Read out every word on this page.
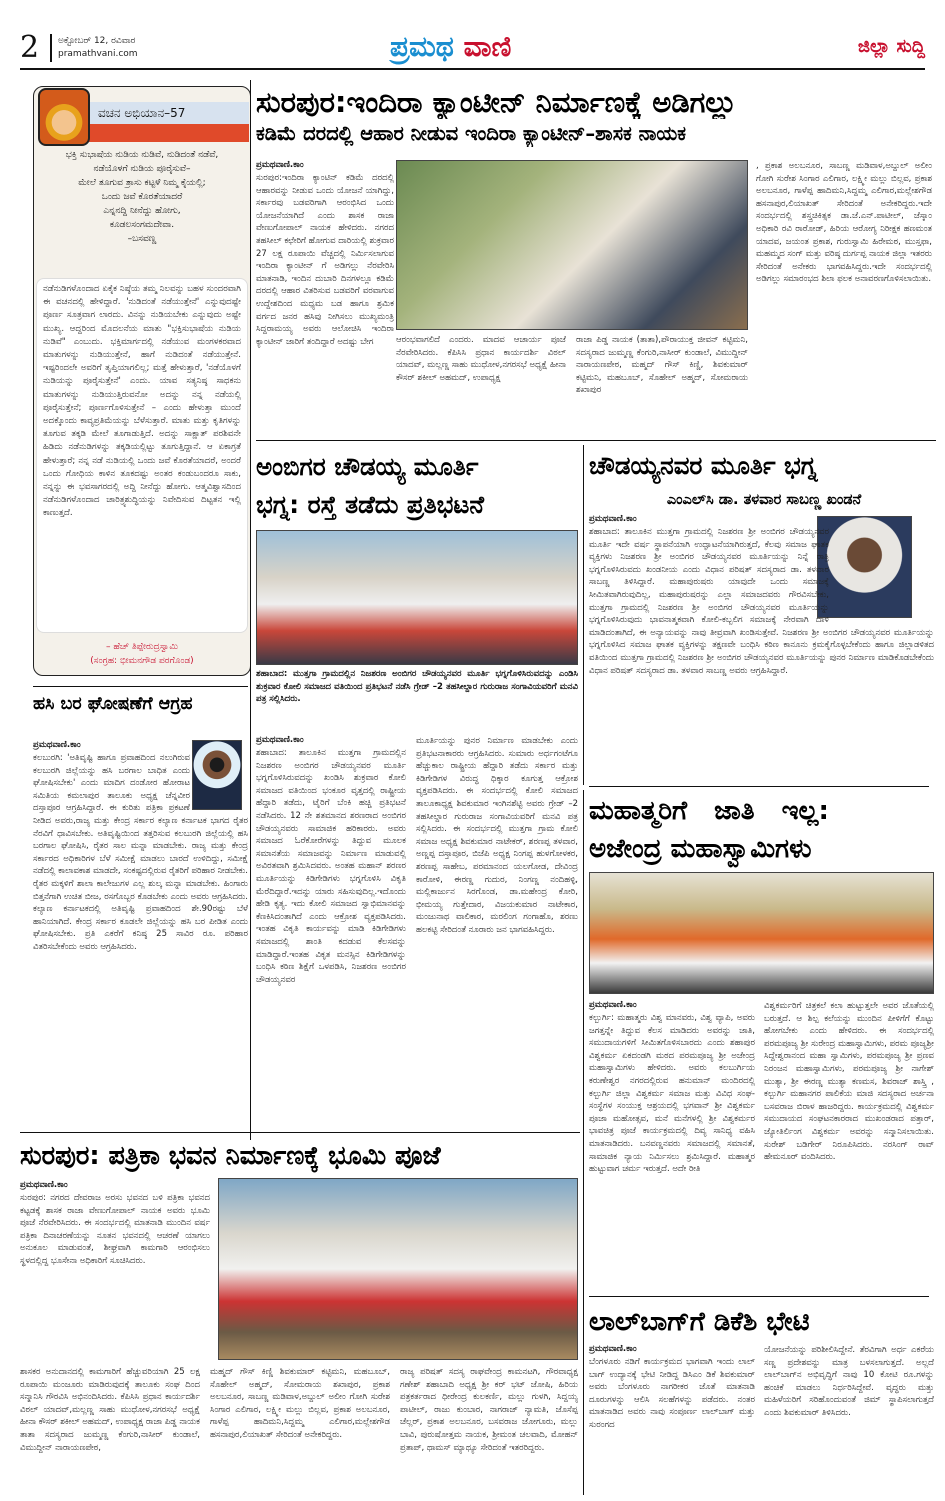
2 ಅಕ್ಟೋಬರ್ 12, ರವಿವಾರ
pramathvani.com	ಪ್ರಮಥ ವಾಣಿ	ಜಿಲ್ಲಾ ಸುದ್ದಿ
ವಚನ ಅಭಿಯಾನ–57
ಭಕ್ತಿ ಸುಭಾಷೆಯ ನುಡಿಯ ನುಡಿವೆ, ನುಡಿದಂತೆ ನಡೆವೆ,
ನಡೆಯೊಳಗೆ ನುಡಿಯ ಪೂರೈಸುವೆ–
ಮೇಲೆ ತೂಗುವ ತ್ರಾಸು ಕಟ್ಟಳೆ ನಿಮ್ಮ ಕೈಯಲ್ಲಿ;
ಒಂದು ಜವೆ ಕೊರತೆಯಾದರೆ
ಎನ್ನನದ್ದಿ ನೀನೆದ್ದು ಹೋಗು,
ಕೂಡಲಸಂಗಮದೇವಾ.
–ಬಸವಣ್ಣ
ನಡೆನುಡಿಗಳೊಂದಾದ ಏಕೈಕ ನಿಷ್ಠೆಯ ತಮ್ಮ ನಿಲವನ್ನು ಬಹಳ ಸುಂದರವಾಗಿ ಈ ವಚನದಲ್ಲಿ ಹೇಳಿದ್ದಾರೆ. 'ನುಡಿದಂತೆ ನಡೆಯುತ್ತೇನೆ' ಎನ್ನುವುದಷ್ಟೇ ಪೂರ್ಣ ಸೂತ್ರವಾಗ ಲಾರದು. ವಿನನ್ನು ನುಡಿಯಬೇಕು ಎನ್ನುವುದು ಅಷ್ಟೇ ಮುಖ್ಯ. ಆದ್ದರಿಂದ ಮೊದಲನೆಯ ಮಾತು "ಭಕ್ತಿಸುಭಾಷೆಯ ನುಡಿಯ ನುಡಿವೆ" ಎಂಬುದು. ಭಕ್ತಿಮಾರ್ಗದಲ್ಲಿ ನಡೆಯುವ ಮಂಗಳಕರವಾದ ಮಾತುಗಳನ್ನು ನುಡಿಯುತ್ತೇನೆ, ಹಾಗೆ ನುಡಿದಂತೆ ನಡೆಯುತ್ತೇನೆ. ಇಷ್ಟರಿಂದಲೇ ಅವರಿಗೆ ತೃಪ್ತಿಯಾಗಲಿಲ್ಲ; ಮತ್ತೆ ಹೇಳುತ್ತಾರೆ, 'ನಡೆಯೊಳಗೆ ನುಡಿಯನ್ನು ಪೂರೈಸುತ್ತೇನೆ' ಎಂದು. ಯಾವ ಸತ್ಯನಿಷ್ಠ ಸಾಧಕನು ಮಾತುಗಳನ್ನು ನುಡಿಯುತ್ತಿರುವನೋ ಅದನ್ನು ನನ್ನ ನಡೆಯಲ್ಲಿ ಪೂರೈಸುತ್ತೇನೆ; ಪೂರ್ಣಗೊಳಿಸುತ್ತೇನೆ – ಎಂದು ಹೇಳುತ್ತಾ ಮುಂದೆ ಅದಕ್ಕೊಂದು ಕಾವ್ಯಪ್ರತಿಮೆಯನ್ನು ಬೆಳೆಸುತ್ತಾರೆ. ಮಾತು ಮತ್ತು ಕೃತಿಗಳನ್ನು ತೂಗುವ ತಕ್ಕಡಿ ಮೇಲೆ ತೂಗಾಡುತ್ತಿದೆ. ಅದನ್ನು ಸಾಕ್ಷಾತ್ ಪರಶಿವನೇ ಹಿಡಿದು ನಡೆನುಡಿಗಳನ್ನು ತಕ್ಕಡಿಯಲ್ಲಿಟ್ಟು ತೂಗುತ್ತಿದ್ದಾನೆ. ಆ ಏಕಾಗ್ರತೆ ಹೇಳುತ್ತಾರೆ; ನನ್ನ ನಡೆ ನುಡಿಯಲ್ಲಿ ಒಂದು ಜವೆ ಕೊರತೆಯಾದರೆ, ಅಂದರೆ ಒಂದು ಗೋಧಿಯ ಕಾಳಿನ ತೂಕದಷ್ಟು ಅಂತರ ಕಂಡುಬಂದರೂ ಸಾಕು, ನನ್ನನ್ನು ಈ ಭವಸಾಗರದಲ್ಲಿ ಅದ್ದಿ ನೀನೆದ್ದು ಹೋಗು. ಆತ್ಮವಿಶ್ವಾಸದಿಂದ ನಡೆನುಡಿಗಳೊಂದಾದ ಚಾರಿತ್ರ್ಯಶುದ್ಧಿಯನ್ನು ನಿವೇದಿಸುವ ದಿಟ್ಟತನ ಇಲ್ಲಿ ಕಾಣುತ್ತದೆ.
– ಹೆಚ್ ತಿಪ್ಪೇರುದ್ರಸ್ವಾಮಿ
(ಸಂಗ್ರಹ: ಭೀಮನಗೌಡ ಪರಗೊಂಡ)
ಹಸಿ ಬರ ಘೋಷಣೆಗೆ ಆಗ್ರಹ
ಪ್ರಮಥವಾಣಿ.ಕಾಂ
ಕಲಬುರಗಿ: 'ಅತಿವೃಷ್ಟಿ ಹಾಗೂ ಪ್ರವಾಹದಿಂದ ನಲುಗಿರುವ ಕಲಬುರಗಿ ಜಿಲ್ಲೆಯನ್ನು ಹಸಿ ಬರಗಾಲ ಬಾಧಿತ ಎಂದು ಘೋಷಿಸಬೇಕು' ಎಂದು ಮಾದಿಗ ದಂಡೋರ ಹೋರಾಟ ಸಮಿತಿಯ ಕಮಲಾಪುರ ತಾಲೂಕು ಅಧ್ಯಕ್ಷ ಚೆನ್ನವೀರ ದಸ್ತಾಪೂರ ಆಗ್ರಹಿಸಿದ್ದಾರೆ. ಈ ಕುರಿತು ಪತ್ರಿಕಾ ಪ್ರಕಟಣೆ ನೀಡಿದ ಅವರು,ರಾಜ್ಯ ಮತ್ತು ಕೇಂದ್ರ ಸರ್ಕಾರ ಕಲ್ಯಾಣ ಕರ್ನಾಟಕ ಭಾಗದ ರೈತರ ನೆರವಿಗೆ ಧಾವಿಸಬೇಕು. ಅತಿವೃಷ್ಟಿಯಿಂದ ತತ್ತರಿಸುವ ಕಲಬುರಗಿ ಜಿಲ್ಲೆಯಲ್ಲಿ ಹಸಿ ಬರಗಾಲ ಘೋಷಿಸಿ, ರೈತರ ಸಾಲ ಮನ್ನಾ ಮಾಡಬೇಕು. ರಾಜ್ಯ ಮತ್ತು ಕೇಂದ್ರ ಸರ್ಕಾರದ ಅಧಿಕಾರಿಗಳ ಬೆಳೆ ಸಮೀಕ್ಷೆ ಮಾಡಲು ಬಾರದೆ ಉಳಿದಿದ್ದು, ಸಮೀಕ್ಷೆ ನಡೆದಲ್ಲಿ ಕಾಲಾವಕಾಶ ಮಾಡದೇ, ಸಂಕಷ್ಟದಲ್ಲಿರುವ ರೈತರಿಗೆ ಪರಿಹಾರ ನೀಡಬೇಕು. ರೈತರ ಮಕ್ಕಳಿಗೆ ಶಾಲಾ ಕಾಲೇಜುಗಳ ಎಲ್ಲ ಶುಲ್ಕ ಮನ್ನಾ ಮಾಡಬೇಕು. ಹಿಂಗಾರು ಬಿತ್ತನೆಗಾಗಿ ಉಚಿತ ಬೀಜ, ರಸಗೊಬ್ಬರ ಕೊಡಬೇಕು ಎಂದು ಅವರು ಆಗ್ರಹಿಸಿದರು. ಕಲ್ಯಾಣ ಕರ್ನಾಟಕದಲ್ಲಿ ಅತಿವೃಷ್ಟಿ ಪ್ರವಾಹದಿಂದ ಶೇ.90ರಷ್ಟು ಬೆಳೆ ಹಾನಿಯಾಗಿದೆ. ಕೇಂದ್ರ ಸರ್ಕಾರ ಕೂಡಲೇ ಜಿಲ್ಲೆಯನ್ನು ಹಸಿ ಬರ ಪೀಡಿತ ಎಂದು ಘೋಷಿಸಬೇಕು. ಪ್ರತಿ ಎಕರೆಗೆ ಕನಿಷ್ಠ 25 ಸಾವಿರ ರೂ. ಪರಿಹಾರ ವಿತರಿಸಬೇಕೆಂದು ಅವರು ಆಗ್ರಹಿಸಿದರು.
ಸುರಪುರ:ಇಂದಿರಾ ಕ್ಯಾಂಟೀನ್ ನಿರ್ಮಾಣಕ್ಕೆ ಅಡಿಗಲ್ಲು
ಕಡಿಮೆ ದರದಲ್ಲಿ ಆಹಾರ ನೀಡುವ ಇಂದಿರಾ ಕ್ಯಾಂಟೀನ್–ಶಾಸಕ ನಾಯಕ
ಪ್ರಮಥವಾಣಿ.ಕಾಂ
ಸುರಪುರ:ಇಂದಿರಾ ಕ್ಯಾಂಟಿನ್ ಕಡಿಮೆ ದರದಲ್ಲಿ ಆಹಾರವನ್ನು ನೀಡುವ ಒಂದು ಯೋಜನೆ ಯಾಗಿದ್ದು, ಸರ್ಕಾರವು ಬಡವರಿಗಾಗಿ ಆರಂಭಿಸಿದ ಒಂದು ಯೋಜನೆಯಾಗಿದೆ ಎಂದು ಶಾಸಕ ರಾಜಾ ವೇಣುಗೋಪಾಲ್ ನಾಯಕ ಹೇಳಿದರು. ನಗರದ ತಹಸೀಲ್ ಕಛೇರಿಗೆ ಹೋಗುವ ದಾರಿಯಲ್ಲಿ ಶುಕ್ರವಾರ 27 ಲಕ್ಷ ರೂಪಾಯಿ ವೆಚ್ಚದಲ್ಲಿ ನಿರ್ಮಿಸಲಾಗುವ ಇಂದಿರಾ ಕ್ಯಾಂಟೀನ್ ಗೆ ಅಡಿಗಲ್ಲು ನೆರವೇರಿಸಿ ಮಾತನಾಡಿ, ಇಂದಿನ ದುಬಾರಿ ದಿನಗಳಲ್ಲೂ ಕಡಿಮೆ ದರದಲ್ಲಿ ಆಹಾರ ವಿತರಿಸುವ ಬಡವರಿಗೆ ವರವಾಗುವ ಉದ್ದೇಶದಿಂದ ಮಧ್ಯಮ ಬಡ ಹಾಗೂ ಶ್ರಮಿಕ ವರ್ಗದ ಜನರ ಹಸಿವು ನೀಗಿಸಲು ಮುಖ್ಯಮಂತ್ರಿ ಸಿದ್ದರಾಮಯ್ಯ ಅವರು ಆಲೋಚಿಸಿ ಇಂದಿರಾ ಕ್ಯಾಂಟೀನ್ ಜಾರಿಗೆ ತಂದಿದ್ದಾರೆ ಅದಷ್ಟು ಬೇಗ	ಆರಂಭವಾಗಲಿದೆ ಎಂದರು. ಮಾದವ ಆಚಾರ್ಯ ಪೂಜೆ ನೆರವೇರಿಸಿದರು. ಕೆಪಿಸಿಸಿ ಪ್ರಧಾನ ಕಾರ್ಯದರ್ಶಿ ವಿಠಲ್ ಯಾದವ್, ಮಲ್ಲಣ್ಣ ಸಾಹು ಮುಧೋಳ,ನಗರಸಭೆ ಅಧ್ಯಕ್ಷೆ ಹೀನಾ ಕೌಸರ್ ಶಕೀಲ್ ಅಹಮದ್, ಉಪಾಧ್ಯಕ್ಷ
ರಾಜಾ ಪಿಡ್ಡ ನಾಯಕ (ತಾತಾ),ಪೌರಾಯುಕ್ತ ಜೀವನ್ ಕಟ್ಟಿಮನಿ, ಸದಸ್ಯರಾದ ಜುಮ್ಮಣ್ಣ ಕೆಂಗುರಿ,ನಾಸೀರ್ ಕುಂಡಾಲೆ, ವಿಮುದ್ದೀನ್ ನಾರಾಯಣಪೇಠ, ಮಹ್ಮದ್ ಗೌಸ್ ಕಿಣ್ಣಿ, ಶಿವಕುಮಾರ್ ಕಟ್ಟಿಮನಿ, ಮಹಬೂಬ್, ಸೊಹೇಲ್ ಅಹ್ಮದ್, ಸೋಮರಾಯ ಶಖಾಪುರ
, ಪ್ರಕಾಶ ಅಲಬನೂರ, ಸಾಬಣ್ಣ ಮಡಿವಾಳ,ಅಬ್ದುಲ್ ಅಲೀಂ ಗೋಗಿ ಸುರೇಶ ಸಿಂಗಾರ ಎಲಿಗಾರ, ಲಕ್ಷ್ಮೀ ಮಲ್ಲು ಬಿಲ್ಲವ, ಪ್ರಕಾಶ ಅಲಬನೂರ, ಗಾಳೆಪ್ಪ ಹಾದಿಮನಿ,ಸಿದ್ದಮ್ಮ ಎಲಿಗಾರ,ಮಲ್ಲೇಶಗೌಡ ಹಸನಾಪುರ,ಲಿಯಾಖತ್ ಸೇರಿದಂತೆ ಅನೇಕರಿದ್ದರು.ಇದೇ ಸಂದರ್ಭದಲ್ಲಿ ಶಸ್ತ್ರಚಿಕಿತ್ಸಕ ಡಾ.ಜೆ.ಎನ್.ಪಾಟೀಲ್, ಜೆಸ್ಕಾಂ ಅಧಿಕಾರಿ ರವಿ ರಾಠೋಡ್, ಹಿರಿಯ ಆರೋಗ್ಯ ನಿರೀಕ್ಷಕ ಹಣಮಂತ ಯಾದವ, ಜಯಂತ ಪ್ರಕಾಶ, ಗುರುಸ್ವಾಮಿ ಹಿರೇಮಠ, ಮುಸ್ತಫಾ, ಮಹಮ್ಮದ ಸಂಗ್ ಮತ್ತು ವರಿಷ್ಠ ದುರ್ಗಪ್ಪ ನಾಯಕ ಜಿಲ್ಲಾ ಇತರರು ಸೇರಿದಂತೆ ಅನೇಕರು ಭಾಗವಹಿಸಿದ್ದರು.ಇದೇ ಸಂದರ್ಭದಲ್ಲಿ ಅಡಿಗಲ್ಲು ಸಮಾರಂಭದ ಶಿಲಾ ಫಲಕ ಅನಾವರಣಗೊಳಿಸಲಾಯಿತು.
ಅಂಬಿಗರ ಚೌಡಯ್ಯ ಮೂರ್ತಿ
ಭಗ್ನ: ರಸ್ತೆ ತಡೆದು ಪ್ರತಿಭಟನೆ
ಶಹಾಬಾದ: ಮುತ್ತಗಾ ಗ್ರಾಮದಲ್ಲಿನ ನಿಜಶರಣ ಅಂಬಿಗರ ಚೌಡಯ್ಯನವರ ಮೂರ್ತಿ ಭಗ್ನಗೊಳಿಸಿರುವದನ್ನು ಎಂಡಿಸಿ ಶುಕ್ರವಾರ ಕೋಲಿ ಸಮಾಜದ ವತಿಯಿಂದ ಪ್ರತಿಭಟನೆ ನಡೆಸಿ ಗ್ರೇಡ್ –2 ತಹಸೀಲ್ದಾರ ಗುರುರಾಜ ಸಂಗಾವಿಯವರಿಗೆ ಮನವಿ ಪತ್ರ ಸಲ್ಲಿಸಿದರು.
ಪ್ರಮಥವಾಣಿ.ಕಾಂ
ಶಹಾಬಾದ: ತಾಲೂಕಿನ ಮುತ್ತಗಾ ಗ್ರಾಮದಲ್ಲಿನ ನಿಜಶರಣ ಅಂಬಿಗರ ಚೌಡಯ್ಯನವರ ಮೂರ್ತಿ ಭಗ್ನಗೊಳಿಸಿರುವದನ್ನು ಖಂಡಿಸಿ ಶುಕ್ರವಾರ ಕೋಲಿ ಸಮಾಜದ ವತಿಯಿಂದ ಭಂಕೂರ ವೃತ್ತದಲ್ಲಿ ರಾಷ್ಟ್ರೀಯ ಹೆದ್ದಾರಿ ತಡೆದು, ಟೈರಿಗೆ ಬೆಂಕಿ ಹಚ್ಚಿ ಪ್ರತಿಭಟನೆ ನಡೆಸಿದರು. 12 ನೇ ಶತಮಾನದ ಶರಣರಾದ ಅಂಬಿಗರ ಚೌಡಯ್ಯನವರು ಸಾಮಾಜಿಕ ಹರಿಕಾರರು. ಅವರು ಸಮಾಜದ ಓರೆಕೋರೆಗಳನ್ನು ತಿದ್ದುವ ಮೂಲಕ ಸಮಾನತೆಯ ಸಮಾಜವನ್ನು ನಿರ್ಮಾಣ ಮಾಡುವಲ್ಲಿ ಅವಿರತವಾಗಿ ಶ್ರಮಿಸಿದವರು. ಅಂತಹ ಮಹಾನ್ ಶರಣರ ಮೂರ್ತಿಯನ್ನು ಕಿಡಿಗೇಡಿಗಳು ಭಗ್ನಗೊಳಿಸಿ ವಿಕೃತಿ ಮೆರೆದಿದ್ದಾರೆ.ಇದನ್ನು ಯಾರು ಸಹಿಸುವುದಿಲ್ಲ.ಇದೊಂದು ಹೇಡಿ ಕೃತ್ಯ. ಇದು ಕೋಲಿ ಸಮಾಜದ ಸ್ವಾಭಿಮಾನವನ್ನು ಕೆಣಕಿಸಿದಂತಾಗಿದೆ ಎಂದು ಆಕ್ರೋಶ ವ್ಯಕ್ತಪಡಿಸಿದರು. ಇಂತಹ ವಿಕೃತಿ ಕಾರ್ಯವನ್ನು ಮಾಡಿ ಕಿಡಿಗೇಡಿಗಳು ಸಮಾಜದಲ್ಲಿ ಶಾಂತಿ ಕದಡುವ ಕೆಲಸವನ್ನು ಮಾಡಿದ್ದಾರೆ.ಇಂತಹ ವಿಕೃತ ಮನಸ್ಸಿನ ಕಿಡಿಗೇಡಿಗಳನ್ನು ಬಂಧಿಸಿ ಕಠಿಣ ಶಿಕ್ಷೆಗೆ ಒಳಪಡಿಸಿ, ನಿಜಶರಣ ಅಂಬಿಗರ ಚೌಡಯ್ಯನವರ
ಮೂರ್ತಿಯನ್ನು ಪುನರ ನಿರ್ಮಾಣ ಮಾಡಬೇಕು ಎಂದು ಪ್ರತಿಭಟನಾಕಾರರು ಆಗ್ರಹಿಸಿದರು. ಸುಮಾರು ಅರ್ಧಗಂಟೆಗೂ ಹೆಚ್ಚುಕಾಲ ರಾಷ್ಟ್ರೀಯ ಹೆದ್ದಾರಿ ತಡೆದು ಸರ್ಕಾರ ಮತ್ತು ಕಿಡಿಗೇಡಿಗಳ ವಿರುದ್ಧ ಧಿಕ್ಕಾರ ಕೂಗುತ್ತ ಆಕ್ರೋಶ ವ್ಯಕ್ತಪಡಿಸಿದರು. ಈ ಸಂದರ್ಭದಲ್ಲಿ ಕೋಲಿ ಸಮಾಜದ ತಾಲೂಕಾಧ್ಯಕ್ಷ ಶಿವಕುಮಾರ ಇಂಗಿನಶೆಟ್ಟಿ ಅವರು ಗ್ರೇಡ್ –2 ತಹಸೀಲ್ದಾರ ಗುರುರಾಜ ಸಂಗಾವಿಯವರಿಗೆ ಮನವಿ ಪತ್ರ ಸಲ್ಲಿಸಿದರು. ಈ ಸಂದರ್ಭದಲ್ಲಿ ಮುತ್ತಗಾ ಗ್ರಾಮ ಕೋಲಿ ಸಮಾಜ ಅಧ್ಯಕ್ಷ ಶಿವಕುಮಾರ ನಾಟೇಕರ್, ಶರಣಪ್ಪ ತಳವಾರ, ಅಣ್ಣಪ್ಪ ದಸ್ತಾಪೂರ, ಬಿಜೆಪಿ ಅಧ್ಯಕ್ಷ ನಿಂಗಪ್ಪ ಹುಳಗೋಳಕರ, ಶರಣಪ್ಪ ಸಾಹೇಬ, ಪರಮಾನಂದ ಯಲಗೋಡ, ದೇವಿಂದ್ರ ಕಾರೋಳಿ, ಈರಣ್ಣ ಗುದುರ, ನಿಂಗಣ್ಣ ನಂದಿಹಳ್ಳಿ, ಮಲ್ಲಿಕಾರ್ಜುನ ಸಿರಗೊಂಡ, ಡಾ.ಮಹೇಂದ್ರ ಕೋರಿ, ಭೀಮಯ್ಯ ಗುತ್ತೇದಾರ, ವಿಜಯಕುಮಾರ ನಾಟೇಕಾರ, ಮಂಜುನಾಥ ವಾಲಿಕಾರ, ಮರಲಿಂಗ ಗಂಗಾಹೊ, ಶರಣು ಹಲಕಟ್ಟಿ ಸೇರಿದಂತೆ ನೂರಾರು ಜನ ಭಾಗವಹಿಸಿದ್ದರು.
ಚೌಡಯ್ಯನವರ ಮೂರ್ತಿ ಭಗ್ನ
ಎಂಎಲ್‌ಸಿ ಡಾ. ತಳವಾರ ಸಾಬಣ್ಣ ಖಂಡನೆ
ಪ್ರಮಥವಾಣಿ.ಕಾಂ
ಶಹಾಬಾದ: ತಾಲೂಕಿನ ಮುತ್ತಗಾ ಗ್ರಾಮದಲ್ಲಿ ನಿಜಶರಣ ಶ್ರೀ ಅಂಬಿಗರ ಚೌಡಯ್ಯನವರ ಮೂರ್ತಿ ಇದೇ ವರ್ಷ ಸ್ಥಾಪನೆಯಾಗಿ ಉದ್ಘಾಟನೆಯಾಗಿರುತ್ತದೆ, ಕೆಲವು ಸಮಾಜ ಘಾತಕ ವ್ಯಕ್ತಿಗಳು ನಿಜಶರಣ ಶ್ರೀ ಅಂಬಿಗರ ಚೌಡಯ್ಯನವರ ಮೂರ್ತಿಯನ್ನು ನಿನ್ನೆ ರಾತ್ರಿ ಭಗ್ನಗೊಳಿಸಿರುವದು ಖಂಡನೀಯ ಎಂದು ವಿಧಾನ ಪರಿಷತ್ ಸದಸ್ಯರಾದ ಡಾ. ತಳವಾರ ಸಾಬಣ್ಣ ತಿಳಿಸಿದ್ದಾರೆ. ಮಹಾಪುರುಷರು ಯಾವುದೇ ಒಂದು ಸಮಾಜಕ್ಕೆ ಸೀಮಿತವಾಗಿರುವುದಿಲ್ಲ, ಮಹಾಪುರುಷರನ್ನು ಎಲ್ಲಾ ಸಮಾಜದವರು ಗೌರವಿಸಬೇಕು, ಮುತ್ತಗಾ ಗ್ರಾಮದಲ್ಲಿ ನಿಜಶರಣ ಶ್ರೀ ಅಂಬಿಗರ ಚೌಡಯ್ಯನವರ ಮೂರ್ತಿಯನ್ನು ಭಗ್ನಗೊಳಿಸಿರುವುದು ಭಾವನಾತ್ಮಕವಾಗಿ ಕೋಲಿ-ಕಬ್ಬಲಿಗ ಸಮಾಜಕ್ಕೆ ನೇರವಾಗಿ ದಾಳಿ ಮಾಡಿದಂತಾಗಿದೆ, ಈ ಅನ್ಯಾಯವನ್ನು ನಾವು ತೀವ್ರವಾಗಿ ಖಂಡಿಸುತ್ತೇವೆ. ನಿಜಶರಣ ಶ್ರೀ ಅಂಬಿಗರ ಚೌಡಯ್ಯನವರ ಮೂರ್ತಿಯನ್ನು ಭಗ್ನಗೊಳಿಸಿದ ಸಮಾಜ ಘಾತಕ ವ್ಯಕ್ತಿಗಳನ್ನು ತಕ್ಷಣವೇ ಬಂಧಿಸಿ ಕಠಿಣ ಕಾನೂನು ಕ್ರಮಕೈಗೊಳ್ಳಬೇಕೆಂದು ಹಾಗೂ ಜಿಲ್ಲಾಡಳಿತದ ವತಿಯಿಂದ ಮುತ್ತಗಾ ಗ್ರಾಮದಲ್ಲಿ ನಿಜಶರಣ ಶ್ರೀ ಅಂಬಿಗರ ಚೌಡಯ್ಯನವರ ಮೂರ್ತಿಯನ್ನು ಪುನರ ನಿರ್ಮಾಣ ಮಾಡಿಕೊಡಬೇಕೆಂದು ವಿಧಾನ ಪರಿಷತ್ ಸದಸ್ಯರಾದ ಡಾ. ತಳವಾರ ಸಾಬಣ್ಣ ಅವರು ಆಗ್ರಹಿಸಿದ್ದಾರೆ.
ಮಹಾತ್ಮರಿಗೆ ಜಾತಿ ಇಲ್ಲ:
ಅಜೇಂದ್ರ ಮಹಾಸ್ವಾಮಿಗಳು
ಪ್ರಮಥವಾಣಿ.ಕಾಂ
ಕಲ್ಬುರ್ಗಿ: ಮಹಾತ್ಮರು ವಿಶ್ವ ಮಾನವರು, ವಿಶ್ವ ವ್ಯಾಪಿ, ಅವರು ಜಗತ್ತನ್ನೇ ತಿದ್ದುವ ಕೆಲಸ ಮಾಡಿದರು ಅವರನ್ನು ಜಾತಿ, ಸಮುದಾಯಗಳಿಗೆ ಸೀಮಿತಗೊಳಿಸಬಾರದು ಎಂದು ಶಹಾಪುರ ವಿಶ್ವಕರ್ಮ ಏಕದಂಡಗಿ ಮಠದ ಪರಮಪೂಜ್ಯ ಶ್ರೀ ಅಜೇಂದ್ರ ಮಹಾಸ್ವಾಮಿಗಳು ಹೇಳಿದರು. ಅವರು ಕಲಬುರ್ಗಿಯ ಕರುಣೇಶ್ವರ ನಗರದಲ್ಲಿರುವ ಹನುಮಾನ್ ಮಂದಿರದಲ್ಲಿ ಕಲ್ಬುರ್ಗಿ ಜಿಲ್ಲಾ ವಿಶ್ವಕರ್ಮ ಸಮಾಜ ಮತ್ತು ವಿವಿಧ ಸಂಘ-ಸಂಸ್ಥೆಗಳ ಸಂಯುಕ್ತ ಆಶ್ರಯದಲ್ಲಿ ಭಗವಾನ್ ಶ್ರೀ ವಿಶ್ವಕರ್ಮ ಪೂಜಾ ಮಹೋತ್ಸವ, ಮನೆ ಮನೆಗಳಲ್ಲಿ ಶ್ರೀ ವಿಶ್ವಕರ್ಮರ ಭಾವಚಿತ್ರ ಪೂಜೆ ಕಾರ್ಯಕ್ರಮದಲ್ಲಿ ದಿವ್ಯ ಸಾನಿಧ್ಯ ವಹಿಸಿ ಮಾತನಾಡಿದರು. ಬನವಣ್ಣನವರು ಸಮಾಜದಲ್ಲಿ ಸಮಾನತೆ, ಸಾಮಾಜಿಕ ನ್ಯಾಯ ನಿರ್ಮಿಸಲು ಶ್ರಮಿಸಿದ್ದಾರೆ. ಮಹಾತ್ಮರ ಹುಟ್ಟುವಾಗ ಚರ್ಮ ಇರುತ್ತದೆ. ಅದೇ ರೀತಿ
ವಿಶ್ವಕರ್ಮರಿಗೆ ಚಿತ್ರಕಲೆ ಕಲಾ ಹುಟ್ಟುತ್ತಲೇ ಅವರ ಜೊತೆಯಲ್ಲಿ ಬರುತ್ತದೆ. ಆ ಶಿಲ್ಪ ಕಲೆಯನ್ನು ಮುಂದಿನ ಪೀಳಿಗೆಗೆ ಕೊಟ್ಟು ಹೋಗಬೇಕು ಎಂದು ಹೇಳಿದರು. ಈ ಸಂದರ್ಭದಲ್ಲಿ ಪರಮಪೂಜ್ಯ ಶ್ರೀ ಸುರೇಂದ್ರ ಮಹಾಸ್ವಾಮಿಗಳು, ಪರಮ ಪೂಜ್ಯಶ್ರೀ ಸಿದ್ದೇಶ್ವರಾನಂದ ಮಹಾ ಸ್ವಾಮಿಗಳು, ಪರಮಪೂಜ್ಯ ಶ್ರೀ ಪ್ರಣವ ನಿರಂಜನ ಮಹಾಸ್ವಾಮಿಗಳು, ಪರಮಪೂಜ್ಯ ಶ್ರೀ ನಾಗೇಶ್ ಮುತ್ಯಾ, ಶ್ರೀ ಈರಣ್ಣ ಮುತ್ಯಾ ಕಣಮಸ, ಶಿವರಾಜ್ ಶಾಸ್ತ್ರಿ , ಕಲ್ಬುರ್ಗಿ ಮಹಾನಗರ ಪಾಲಿಕೆಯ ಮಾಜಿ ಸದಸ್ಯರಾದ ಅರ್ಚನಾ ಬಸವರಾಜ ಬಿರಾಳ ಹಾಜರಿದ್ದರು. ಕಾರ್ಯಕ್ರಮದಲ್ಲಿ ವಿಶ್ವಕರ್ಮ ಸಮುದಾಯದ ಸಂಘಟನಕಾರರಾದ ಮುಖಂಡರಾದ ಪತ್ತಾರ್, ಜ್ಯೋತಿರ್ಲಿಂಗ ವಿಶ್ವಕರ್ಮ ಅವರನ್ನು ಸನ್ಮಾನಿಸಲಾಯಿತು. ಸುರೇಶ್ ಬಡಿಗೇರ್ ನಿರೂಪಿಸಿದರು. ನರಸಿಂಗ್ ರಾವ್ ಹೇಮನೂರ್ ವಂದಿಸಿದರು.
ಲಾಲ್‌ಬಾಗ್‌ಗೆ ಡಿಕೆಶಿ ಭೇಟಿ
ಪ್ರಮಥವಾಣಿ.ಕಾಂ
ಬೆಂಗಳೂರು ನಡಿಗೆ ಕಾರ್ಯಕ್ರಮದ ಭಾಗವಾಗಿ ಇಂದು ಲಾಲ್ ಬಾಗ್ ಉದ್ಯಾನಕ್ಕೆ ಭೇಟಿ ನೀಡಿದ್ದ ಡಿಸಿಎಂ ಡಿಕೆ ಶಿವಕುಮಾರ್ ಅವರು ಬೆಂಗಳೂರು ನಾಗರೀಕರ ಜೊತೆ ಮಾತನಾಡಿ ದೂರುಗಳನ್ನು ಆಲಿಸಿ ಸಲಹೆಗಳನ್ನು ಪಡೆದರು. ನಂತರ ಮಾತನಾಡಿದ ಅವರು ನಾವು ಸಂಪೂರ್ಣ ಲಾಲ್‌ಬಾಗ್ ಮತ್ತು ಸುರಂಗದ
ಯೋಜನೆಯನ್ನು ಪರಿಶೀಲಿಸಿದ್ದೇನೆ. ತೆರವಿಗಾಗಿ ಅರ್ಧ ಎಕರೆಯ ಸಣ್ಣ ಪ್ರದೇಶವನ್ನು ಮಾತ್ರ ಬಳಸಲಾಗುತ್ತದೆ. ಅಲ್ಲದೆ ಲಾಲ್‌ಬಾಗ್‌ನ ಅಭಿವೃದ್ಧಿಗೆ ನಾವು 10 ಕೋಟಿ ರೂ.ಗಳನ್ನು ಹಂಚಿಕೆ ಮಾಡಲು ನಿರ್ಧರಿಸಿದ್ದೇವೆ. ವೃದ್ಧರು ಮತ್ತು ಮಹಿಳೆಯರಿಗೆ ಸರಿಹೊಂದುವಂತೆ ಜಿಮ್ ಸ್ಥಾಪಿಸಲಾಗುತ್ತದೆ ಎಂದು ಶಿವಕುಮಾರ್ ತಿಳಿಸಿದರು.
ಸುರಪುರ: ಪತ್ರಿಕಾ ಭವನ ನಿರ್ಮಾಣಕ್ಕೆ ಭೂಮಿ ಪೂಜೆ
ಪ್ರಮಥವಾಣಿ.ಕಾಂ
ಸುರಪುರ: ನಗರದ ದೇವರಾಜ ಅರಸು ಭವನದ ಬಳಿ ಪತ್ರಿಕಾ ಭವನದ ಕಟ್ಟಡಕ್ಕೆ ಶಾಸಕ ರಾಜಾ ವೇಣುಗೋಪಾಲ್ ನಾಯಕ ಅವರು ಭೂಮಿ ಪೂಜೆ ನೆರವೇರಿಸಿದರು. ಈ ಸಂದರ್ಭದಲ್ಲಿ ಮಾತನಾಡಿ ಮುಂದಿನ ವರ್ಷ ಪತ್ರಿಕಾ ದಿನಾಚರಣೆಯನ್ನು ನೂತನ ಭವನದಲ್ಲಿ ಆಚರಣೆ ಯಾಗಲು ಅನುಕೂಲ ಮಾಡುವಂತೆ, ಶೀಘ್ರವಾಗಿ ಕಾಮಗಾರಿ ಆರಂಭಿಸಲು ಸ್ಥಳದಲ್ಲಿದ್ದ ಭೂಸೇನಾ ಅಧಿಕಾರಿಗೆ ಸೂಚಿಸಿದರು.
ಶಾಸಕರ ಅನುದಾನದಲ್ಲಿ ಕಾಮಗಾರಿಗೆ ಹೆಚ್ಚುವರಿಯಾಗಿ 25 ಲಕ್ಷ ರೂಪಾಯಿ ಮಂಜೂರು ಮಾಡಿರುವುದಕ್ಕೆ ತಾಲೂಕು ಸಂಘ ದಿಂದ ಸನ್ಮಾನಿಸಿ ಗೌರವಿಸಿ ಅಭಿನಂದಿಸಿದರು. ಕೆಪಿಸಿಸಿ ಪ್ರಧಾನ ಕಾರ್ಯದರ್ಶಿ ವಿಠಲ್ ಯಾದವ್,ಮಲ್ಲಣ್ಣ ಸಾಹು ಮುಧೋಳ,ನಗರಸಭೆ ಅಧ್ಯಕ್ಷೆ ಹೀನಾ ಕೌಸರ್ ಶಕೀಲ್ ಅಹಮದ್, ಉಪಾಧ್ಯಕ್ಷ ರಾಜಾ ಪಿಡ್ಡ ನಾಯಕ ತಾತಾ ಸದಸ್ಯರಾದ ಜುಮ್ಮಣ್ಣ ಕೆಂಗುರಿ,ನಾಸೀರ್ ಕುಂಡಾಲೆ, ವಿಮುದ್ದೀನ್ ನಾರಾಯಣಪೇಠ,
ಮಹ್ಮದ್ ಗೌಸ್ ಕಿಣ್ಣಿ ಶಿವಕುಮಾರ್ ಕಟ್ಟಿಮನಿ, ಮಹಬೂಬ್, ಸೊಹೇಲ್ ಅಹ್ಮದ್, ಸೋಮರಾಯ ಶಖಾಪುರ, ಪ್ರಕಾಶ ಅಲಬನೂರ, ಸಾಬಣ್ಣ ಮಡಿವಾಳ,ಅಬ್ದುಲ್ ಅಲೀಂ ಗೋಗಿ ಸುರೇಶ ಸಿಂಗಾರ ಎಲಿಗಾರ, ಲಕ್ಷ್ಮೀ ಮಲ್ಲು ಬಿಲ್ಲವ, ಪ್ರಕಾಶ ಅಲಬನೂರ, ಗಾಳೆಪ್ಪ ಹಾದಿಮನಿ,ಸಿದ್ದಮ್ಮ ಎಲಿಗಾರ,ಮಲ್ಲೇಶಗೌಡ ಹಸನಾಪುರ,ಲಿಯಾಖತ್ ಸೇರಿದಂತೆ ಅನೇಕರಿದ್ದರು.
ರಾಜ್ಯ ಪರಿಷತ್ ಸದಸ್ಯ ರಾಘವೇಂದ್ರ ಕಾಮನಟಗಿ, ಗೌರವಾಧ್ಯಕ್ಷ ಗಣೇಶ್ ಶಹಾಬಾದಿ ಅಧ್ಯಕ್ಷ ಶ್ರೀ ಕರ್ ಭಟ್ ಜೋಷಿ, ಹಿರಿಯ ಪತ್ರಕರ್ತರಾದ ಧೀರೇಂದ್ರ ಕುಲಕರ್ಣಿ, ಮಲ್ಲು ಗುಳಗಿ, ಸಿದ್ದಯ್ಯ ಪಾಟೀಲ್, ರಾಜು ಕುಂಬಾರ, ನಾಗರಾಜ್ ನ್ಯಾಮತಿ, ಜೊಸೆಪ್ಪ ಚೆಲ್ಲರ್, ಪ್ರಕಾಶ ಅಲಬನೂರ, ಬಸವರಾಜ ಜೋಗೂರು, ಮಲ್ಲು ಬಾವಿ, ಪುರುಷೋತ್ತಮ ನಾಯಕ, ಶ್ರೀಮಂತ ಚಲವಾದಿ, ಮೋಹನ್ ಪ್ರತಾಪ್, ಥಾಮಸ್ ಮ್ಯಾಥ್ಯೂ ಸೇರಿದಂತೆ ಇತರರಿದ್ದರು.
